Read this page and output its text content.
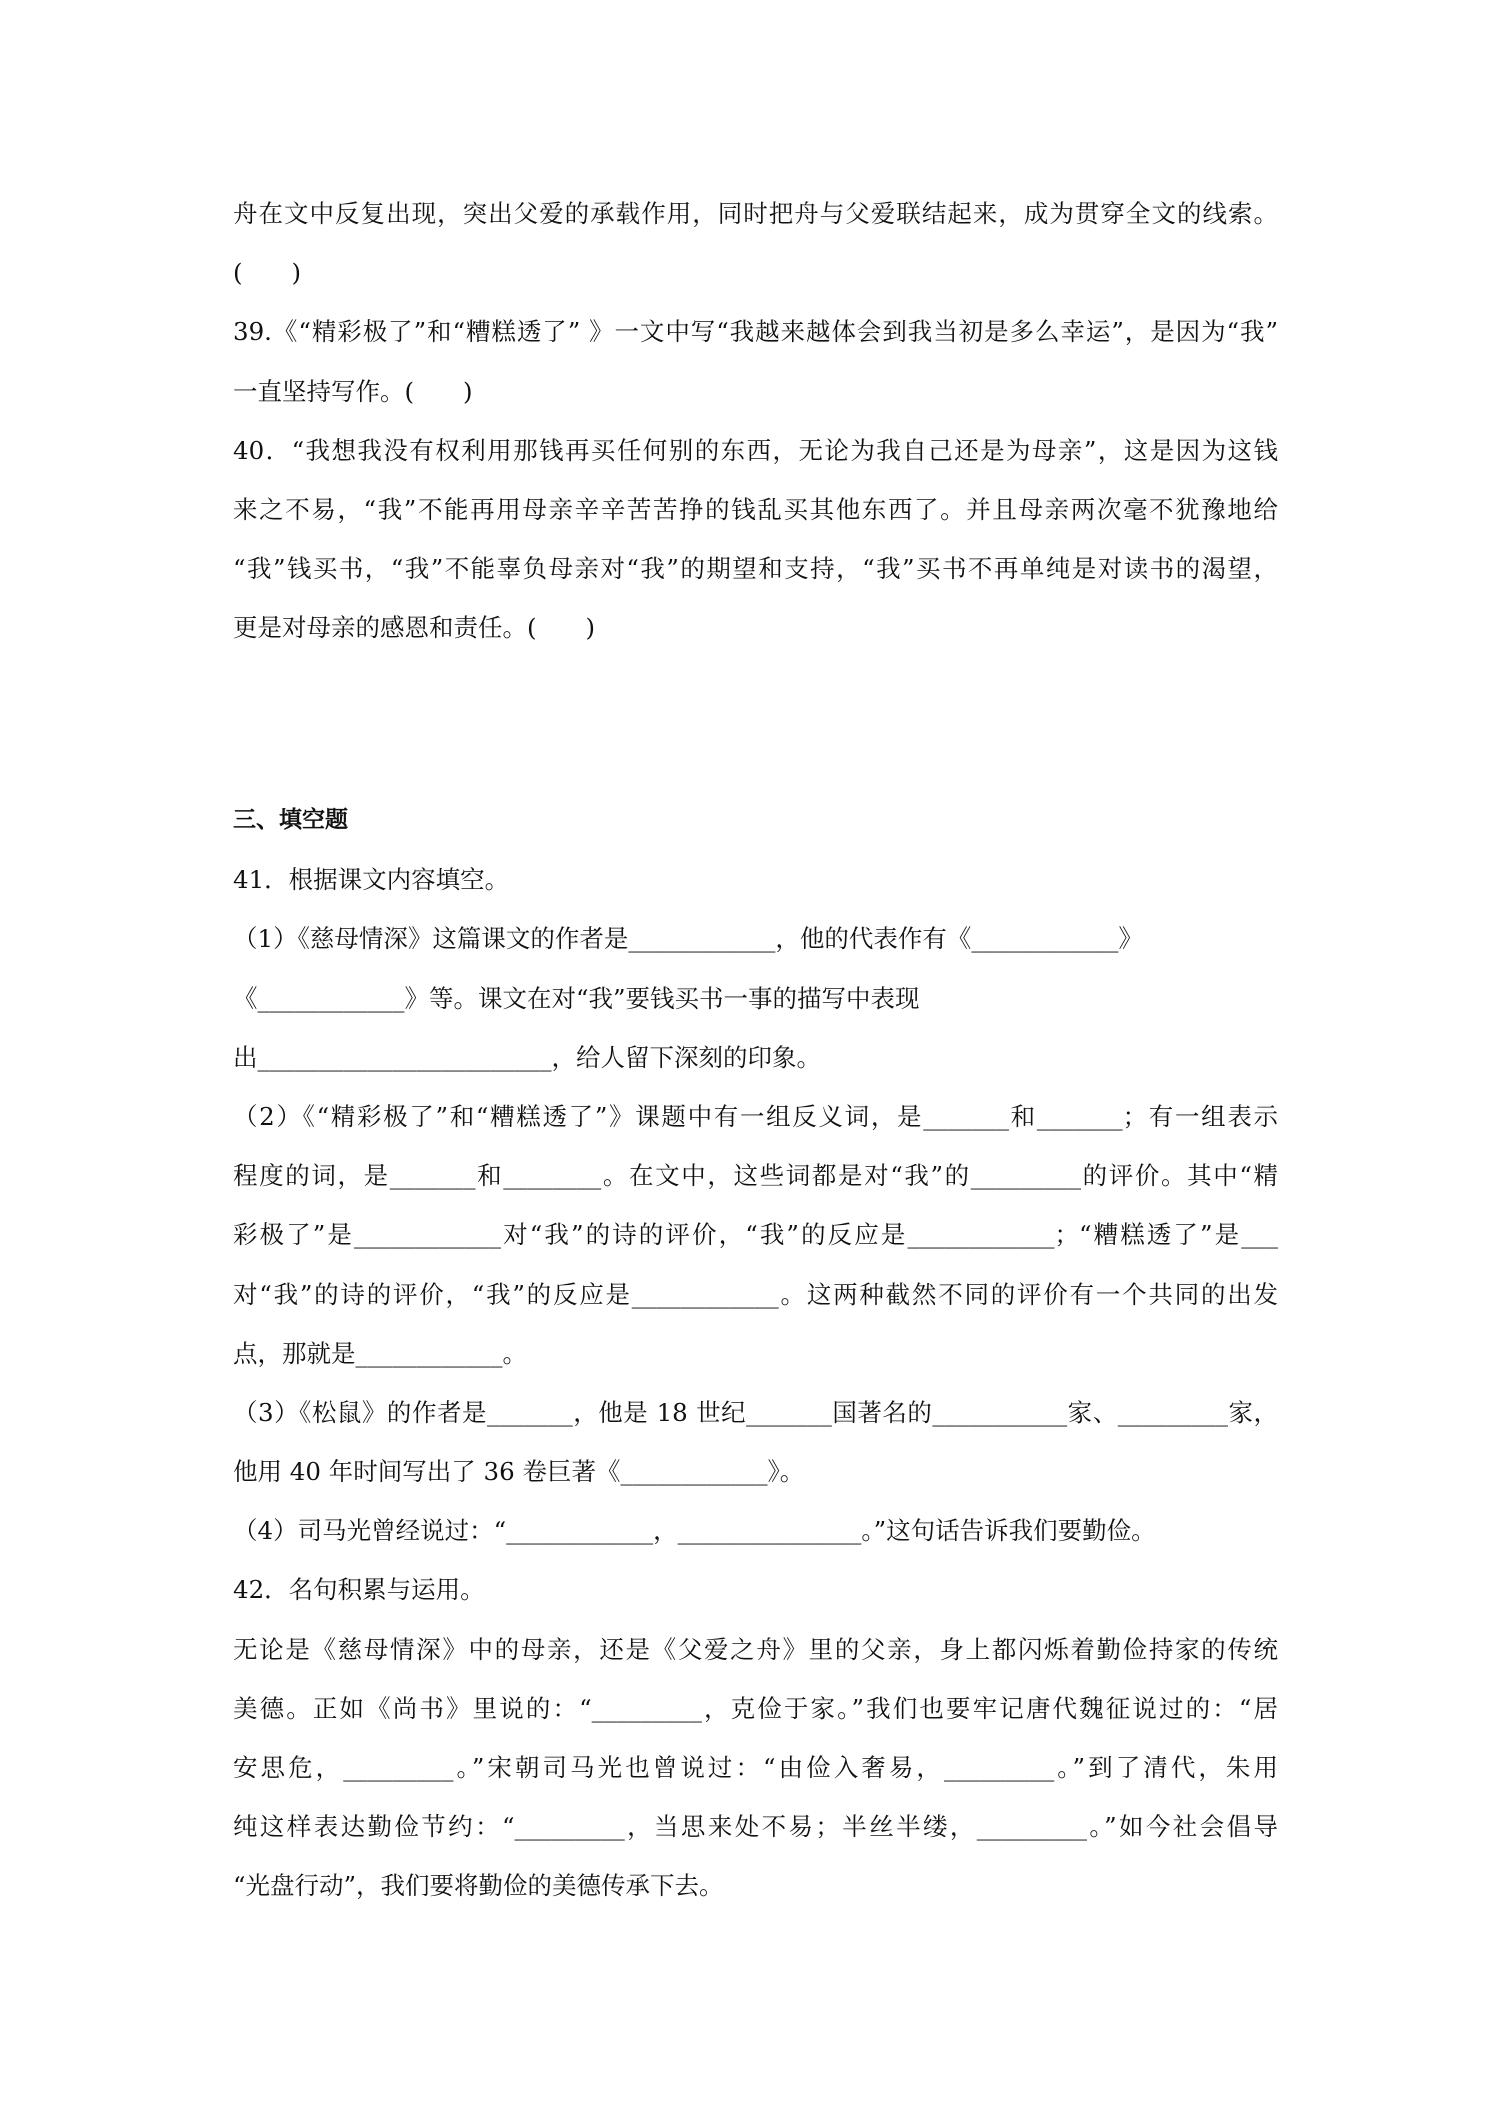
舟在文中反复出现，突出父爱的承载作用，同时把舟与父爱联结起来，成为贯穿全文的线索。
(　　)
39.《“精彩极了”和“糟糕透了” 》一文中写“我越来越体会到我当初是多么幸运”，是因为“我”
一直坚持写作。(　　)
40．“我想我没有权利用那钱再买任何别的东西，无论为我自己还是为母亲”，这是因为这钱
来之不易，“我”不能再用母亲辛辛苦苦挣的钱乱买其他东西了。并且母亲两次毫不犹豫地给
“我”钱买书，“我”不能辜负母亲对“我”的期望和支持，“我”买书不再单纯是对读书的渴望，
更是对母亲的感恩和责任。(　　)
三、填空题
41．根据课文内容填空。
（1）《慈母情深》这篇课文的作者是____________，他的代表作有《____________》
《____________》等。课文在对“我”要钱买书一事的描写中表现
出________________________，给人留下深刻的印象。
（2）《“精彩极了”和“糟糕透了”》课题中有一组反义词，是_______和_______；有一组表示
程度的词，是_______和________。在文中，这些词都是对“我”的_________的评价。其中“精
彩极了”是____________对“我”的诗的评价，“我”的反应是____________；“糟糕透了”是___
对“我”的诗的评价，“我”的反应是____________。这两种截然不同的评价有一个共同的出发
点，那就是____________。
（3）《松鼠》的作者是_______，他是 18 世纪_______国著名的___________家、_________家，
他用 40 年时间写出了 36 卷巨著《____________》。
（4）司马光曾经说过：“____________，_______________。”这句话告诉我们要勤俭。
42．名句积累与运用。
无论是《慈母情深》中的母亲，还是《父爱之舟》里的父亲，身上都闪烁着勤俭持家的传统
美德。正如《尚书》里说的：“_________，克俭于家。”我们也要牢记唐代魏征说过的：“居
安思危，_________。”宋朝司马光也曾说过：“由俭入奢易，_________。”到了清代，朱用
纯这样表达勤俭节约：“_________，当思来处不易；半丝半缕，_________。”如今社会倡导
“光盘行动”，我们要将勤俭的美德传承下去。
